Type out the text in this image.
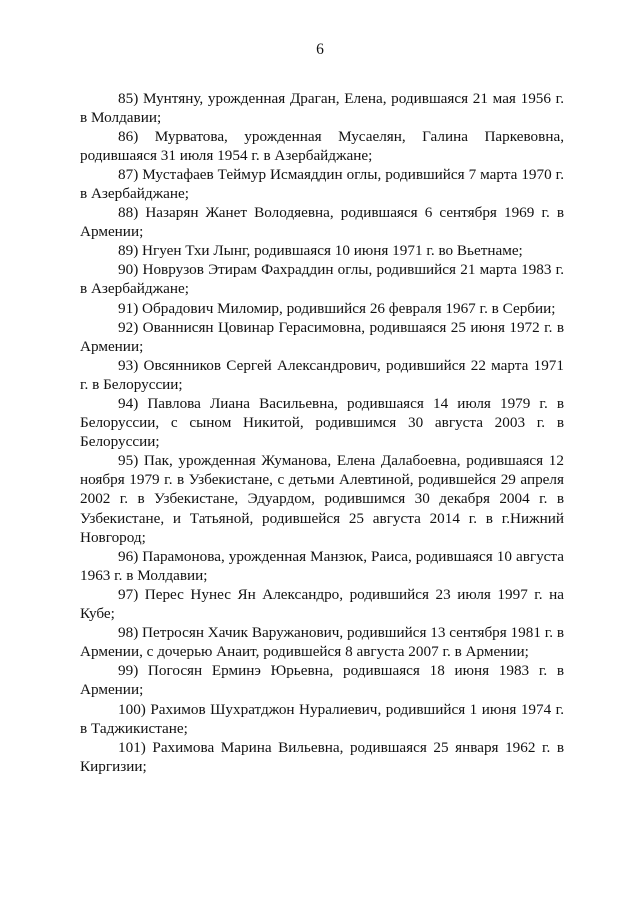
6

85) Мунтяну, урожденная Драган, Елена, родившаяся 21 мая 1956 г. в Молдавии;

86) Мурватова, урожденная Мусаелян, Галина Паркевовна, родившаяся 31 июля 1954 г. в Азербайджане;

87) Мустафаев Теймур Исмаяддин оглы, родившийся 7 марта 1970 г. в Азербайджане;

88) Назарян Жанет Володяевна, родившаяся 6 сентября 1969 г. в Армении;

89) Нгуен Тхи Лынг, родившаяся 10 июня 1971 г. во Вьетнаме;

90) Новрузов Этирам Фахраддин оглы, родившийся 21 марта 1983 г. в Азербайджане;

91) Обрадович Миломир, родившийся 26 февраля 1967 г. в Сербии;

92) Ованнисян Цовинар Герасимовна, родившаяся 25 июня 1972 г. в Армении;

93) Овсянников Сергей Александрович, родившийся 22 марта 1971 г. в Белоруссии;

94) Павлова Лиана Васильевна, родившаяся 14 июля 1979 г. в Белоруссии, с сыном Никитой, родившимся 30 августа 2003 г. в Белоруссии;

95) Пак, урожденная Жуманова, Елена Далабоевна, родившаяся 12 ноября 1979 г. в Узбекистане, с детьми Алевтиной, родившейся 29 апреля 2002 г. в Узбекистане, Эдуардом, родившимся 30 декабря 2004 г. в Узбекистане, и Татьяной, родившейся 25 августа 2014 г. в г.Нижний Новгород;

96) Парамонова, урожденная Манзюк, Раиса, родившаяся 10 августа 1963 г. в Молдавии;

97) Перес Нунес Ян Александро, родившийся 23 июля 1997 г. на Кубе;

98) Петросян Хачик Варужанович, родившийся 13 сентября 1981 г. в Армении, с дочерью Анаит, родившейся 8 августа 2007 г. в Армении;

99) Погосян Ерминэ Юрьевна, родившаяся 18 июня 1983 г. в Армении;

100) Рахимов Шухратджон Нуралиевич, родившийся 1 июня 1974 г. в Таджикистане;

101) Рахимова Марина Вильевна, родившаяся 25 января 1962 г. в Киргизии;
